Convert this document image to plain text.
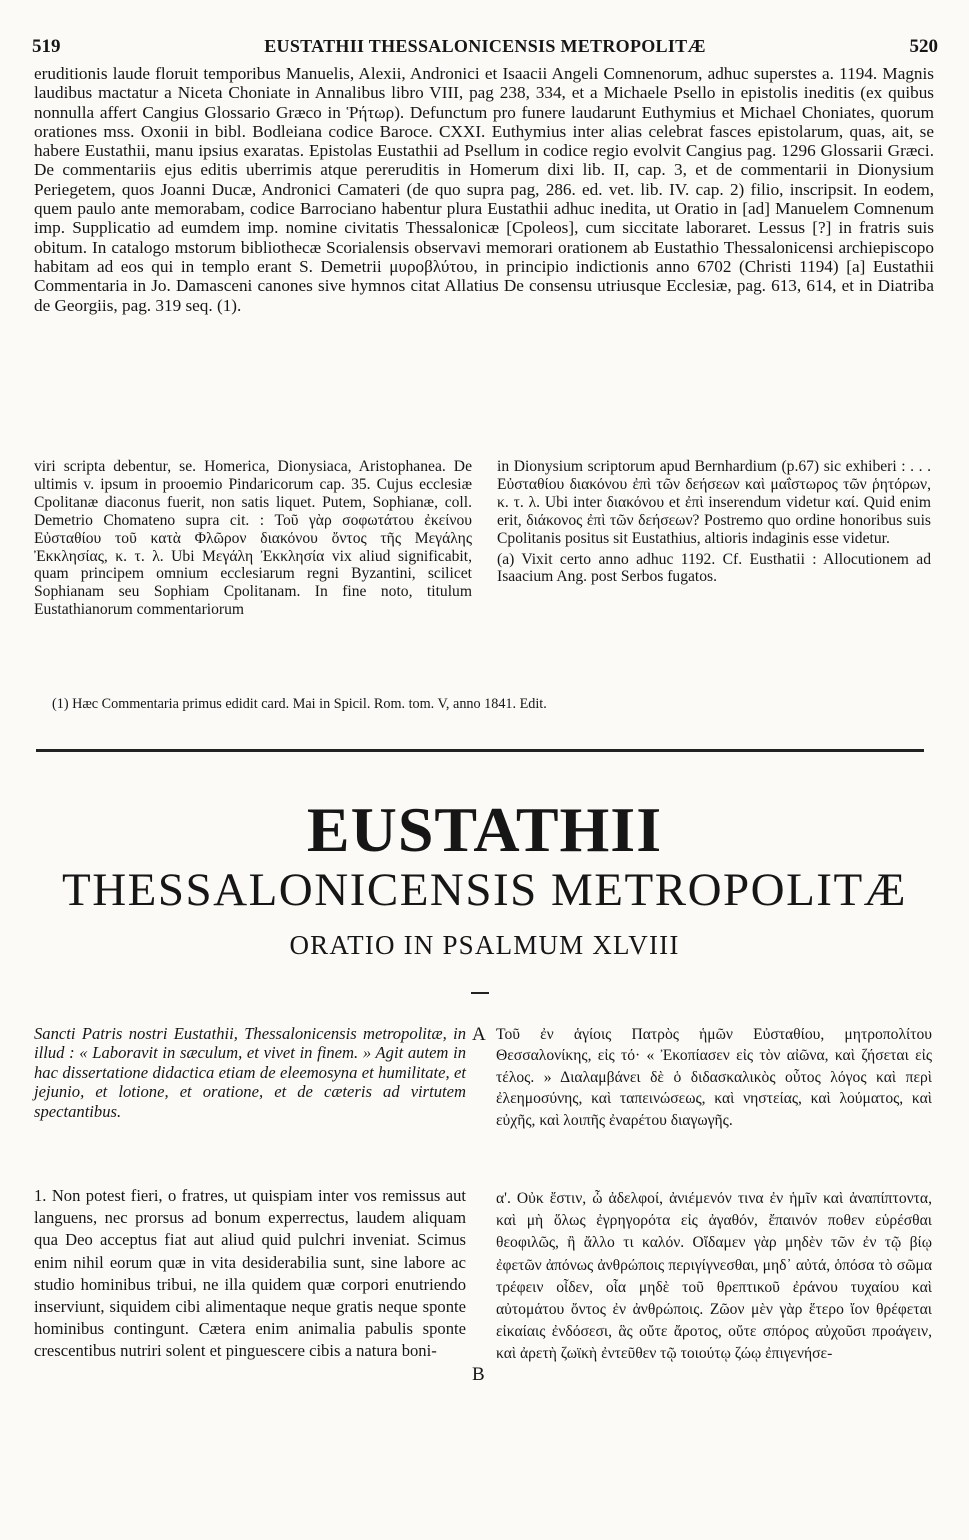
519	EUSTATHII THESSALONICENSIS METROPOLITÆ	520

eruditionis laude floruit temporibus Manuelis, Alexii, Andronici et Isaacii Angeli Comnenorum, adhuc superstes a. 1194. Magnis laudibus mactatur a Niceta Choniate in Annalibus libro VIII, pag 238, 334, et a Michaele Psello in epistolis ineditis (ex quibus nonnulla affert Cangius Glossario Græco in Ῥήτωρ). Defunctum pro funere laudarunt Euthymius et Michael Choniates, quorum orationes mss. Oxonii in bibl. Bodleiana codice Baroce. CXXI. Euthymius inter alias celebrat fasces epistolarum, quas, ait, se habere Eustathii, manu ipsius exaratas. Epistolas Eustathii ad Psellum in codice regio evolvit Cangius pag. 1296 Glossarii Græci. De commentariis ejus editis uberrimis atque pereruditis in Homerum dixi lib. II, cap. 3, et de commentarii in Dionysium Periegetem, quos Joanni Ducæ, Andronici Camateri (de quo supra pag, 286. ed. vet. lib. IV. cap. 2) filio, inscripsit. In eodem, quem paulo ante memorabam, codice Barrociano habentur plura Eustathii adhuc inedita, ut Oratio in [ad] Manuelem Comnenum imp. Supplicatio ad eumdem imp. nomine civitatis Thessalonicæ [Cpoleos], cum siccitate laboraret. Lessus [?] in fratris suis obitum. In catalogo mstorum bibliothecæ Scorialensis observavi memorari orationem ab Eustathio Thessalonicensi archiepiscopo habitam ad eos qui in templo erant S. Demetrii μυροβλύτου, in principio indictionis anno 6702 (Christi 1194) [a] Eustathii Commentaria in Jo. Damasceni canones sive hymnos citat Allatius De consensu utriusque Ecclesiæ, pag. 613, 614, et in Diatriba de Georgiis, pag. 319 seq. (1).

viri scripta debentur, se. Homerica, Dionysiaca, Aristophanea. De ultimis v. ipsum in prooemio Pindaricorum cap. 35. Cujus ecclesiæ Cpolitanæ diaconus fuerit, non satis liquet. Putem, Sophianæ, coll. Demetrio Chomateno supra cit. : Τοῦ γὰρ σοφωτάτου ἐκείνου Εὐσταθίου τοῦ κατὰ Φλῶρον διακόνου ὄντος τῆς Μεγάλης Ἐκκλησίας, κ. τ. λ. Ubi Μεγάλη Ἐκκλησία vix aliud significabit, quam principem omnium ecclesiarum regni Byzantini, scilicet Sophianam seu Sophiam Cpolitanam. In fine noto, titulum Eustathianorum commentariorum

in Dionysium scriptorum apud Bernhardium (p.67) sic exhiberi : . . . Εὐσταθίου διακόνου ἐπὶ τῶν δεήσεων καὶ μαΐστωρος τῶν ῥητόρων, κ. τ. λ. Ubi inter διακόνου et ἐπὶ inserendum videtur καί. Quid enim erit, διάκονος ἐπὶ τῶν δεήσεων? Postremo quo ordine honoribus suis Cpolitanis positus sit Eustathius, altioris indaginis esse videtur.

(a) Vixit certo anno adhuc 1192. Cf. Eusthatii : Allocutionem ad Isaacium Ang. post Serbos fugatos.

(1) Hæc Commentaria primus edidit card. Mai in Spicil. Rom. tom. V, anno 1841. Edit.

EUSTATHII
THESSALONICENSIS METROPOLITÆ
ORATIO IN PSALMUM XLVIII
A
B

Sancti Patris nostri Eustathii, Thessalonicensis metropolitæ, in illud : « Laboravit in sæculum, et vivet in finem. » Agit autem in hac dissertatione didactica etiam de eleemosyna et humilitate, et jejunio, et lotione, et oratione, et de cæteris ad virtutem spectantibus.

Τοῦ ἐν ἁγίοις Πατρὸς ἡμῶν Εὐσταθίου, μητροπολίτου Θεσσαλονίκης, εἰς τό· « Ἐκοπίασεν εἰς τὸν αἰῶνα, καὶ ζήσεται εἰς τέλος. » Διαλαμβάνει δὲ ὁ διδασκαλικὸς οὗτος λόγος καὶ περὶ ἐλεημοσύνης, καὶ ταπεινώσεως, καὶ νηστείας, καὶ λούματος, καὶ εὐχῆς, καὶ λοιπῆς ἐναρέτου διαγωγῆς.

1. Non potest fieri, o fratres, ut quispiam inter vos remissus aut languens, nec prorsus ad bonum experrectus, laudem aliquam qua Deo acceptus fiat aut aliud quid pulchri inveniat. Scimus enim nihil eorum quæ in vita desiderabilia sunt, sine labore ac studio hominibus tribui, ne illa quidem quæ corpori enutriendo inserviunt, siquidem cibi alimentaque neque gratis neque sponte hominibus contingunt. Cætera enim animalia pabulis sponte crescentibus nutriri solent et pinguescere cibis a natura boni-

α'. Οὐκ ἔστιν, ὦ ἀδελφοί, ἀνιέμενόν τινα ἐν ἡμῖν καὶ ἀναπίπτοντα, καὶ μὴ ὅλως ἐγρηγορότα εἰς ἀγαθόν, ἔπαινόν ποθεν εὑρέσθαι θεοφιλῶς, ἢ ἄλλο τι καλόν. Οἴδαμεν γὰρ μηδὲν τῶν ἐν τῷ βίῳ ἐφετῶν ἀπόνως ἀνθρώποις περιγίγνεσθαι, μηδ᾽ αὐτά, ὁπόσα τὸ σῶμα τρέφειν οἶδεν, οἷα μηδὲ τοῦ θρεπτικοῦ ἐράνου τυχαίου καὶ αὐτομάτου ὄντος ἐν ἀνθρώποις. Ζῶον μὲν γὰρ ἕτερο ἴον θρέφεται εἰκαίαις ἐνδόσεσι, ἃς οὔτε ἄροτος, οὔτε σπόρος αὐχοῦσι προάγειν, καὶ ἀρετὴ ζωϊκὴ ἐντεῦθεν τῷ τοιούτῳ ζώῳ ἐπιγενήσε-
